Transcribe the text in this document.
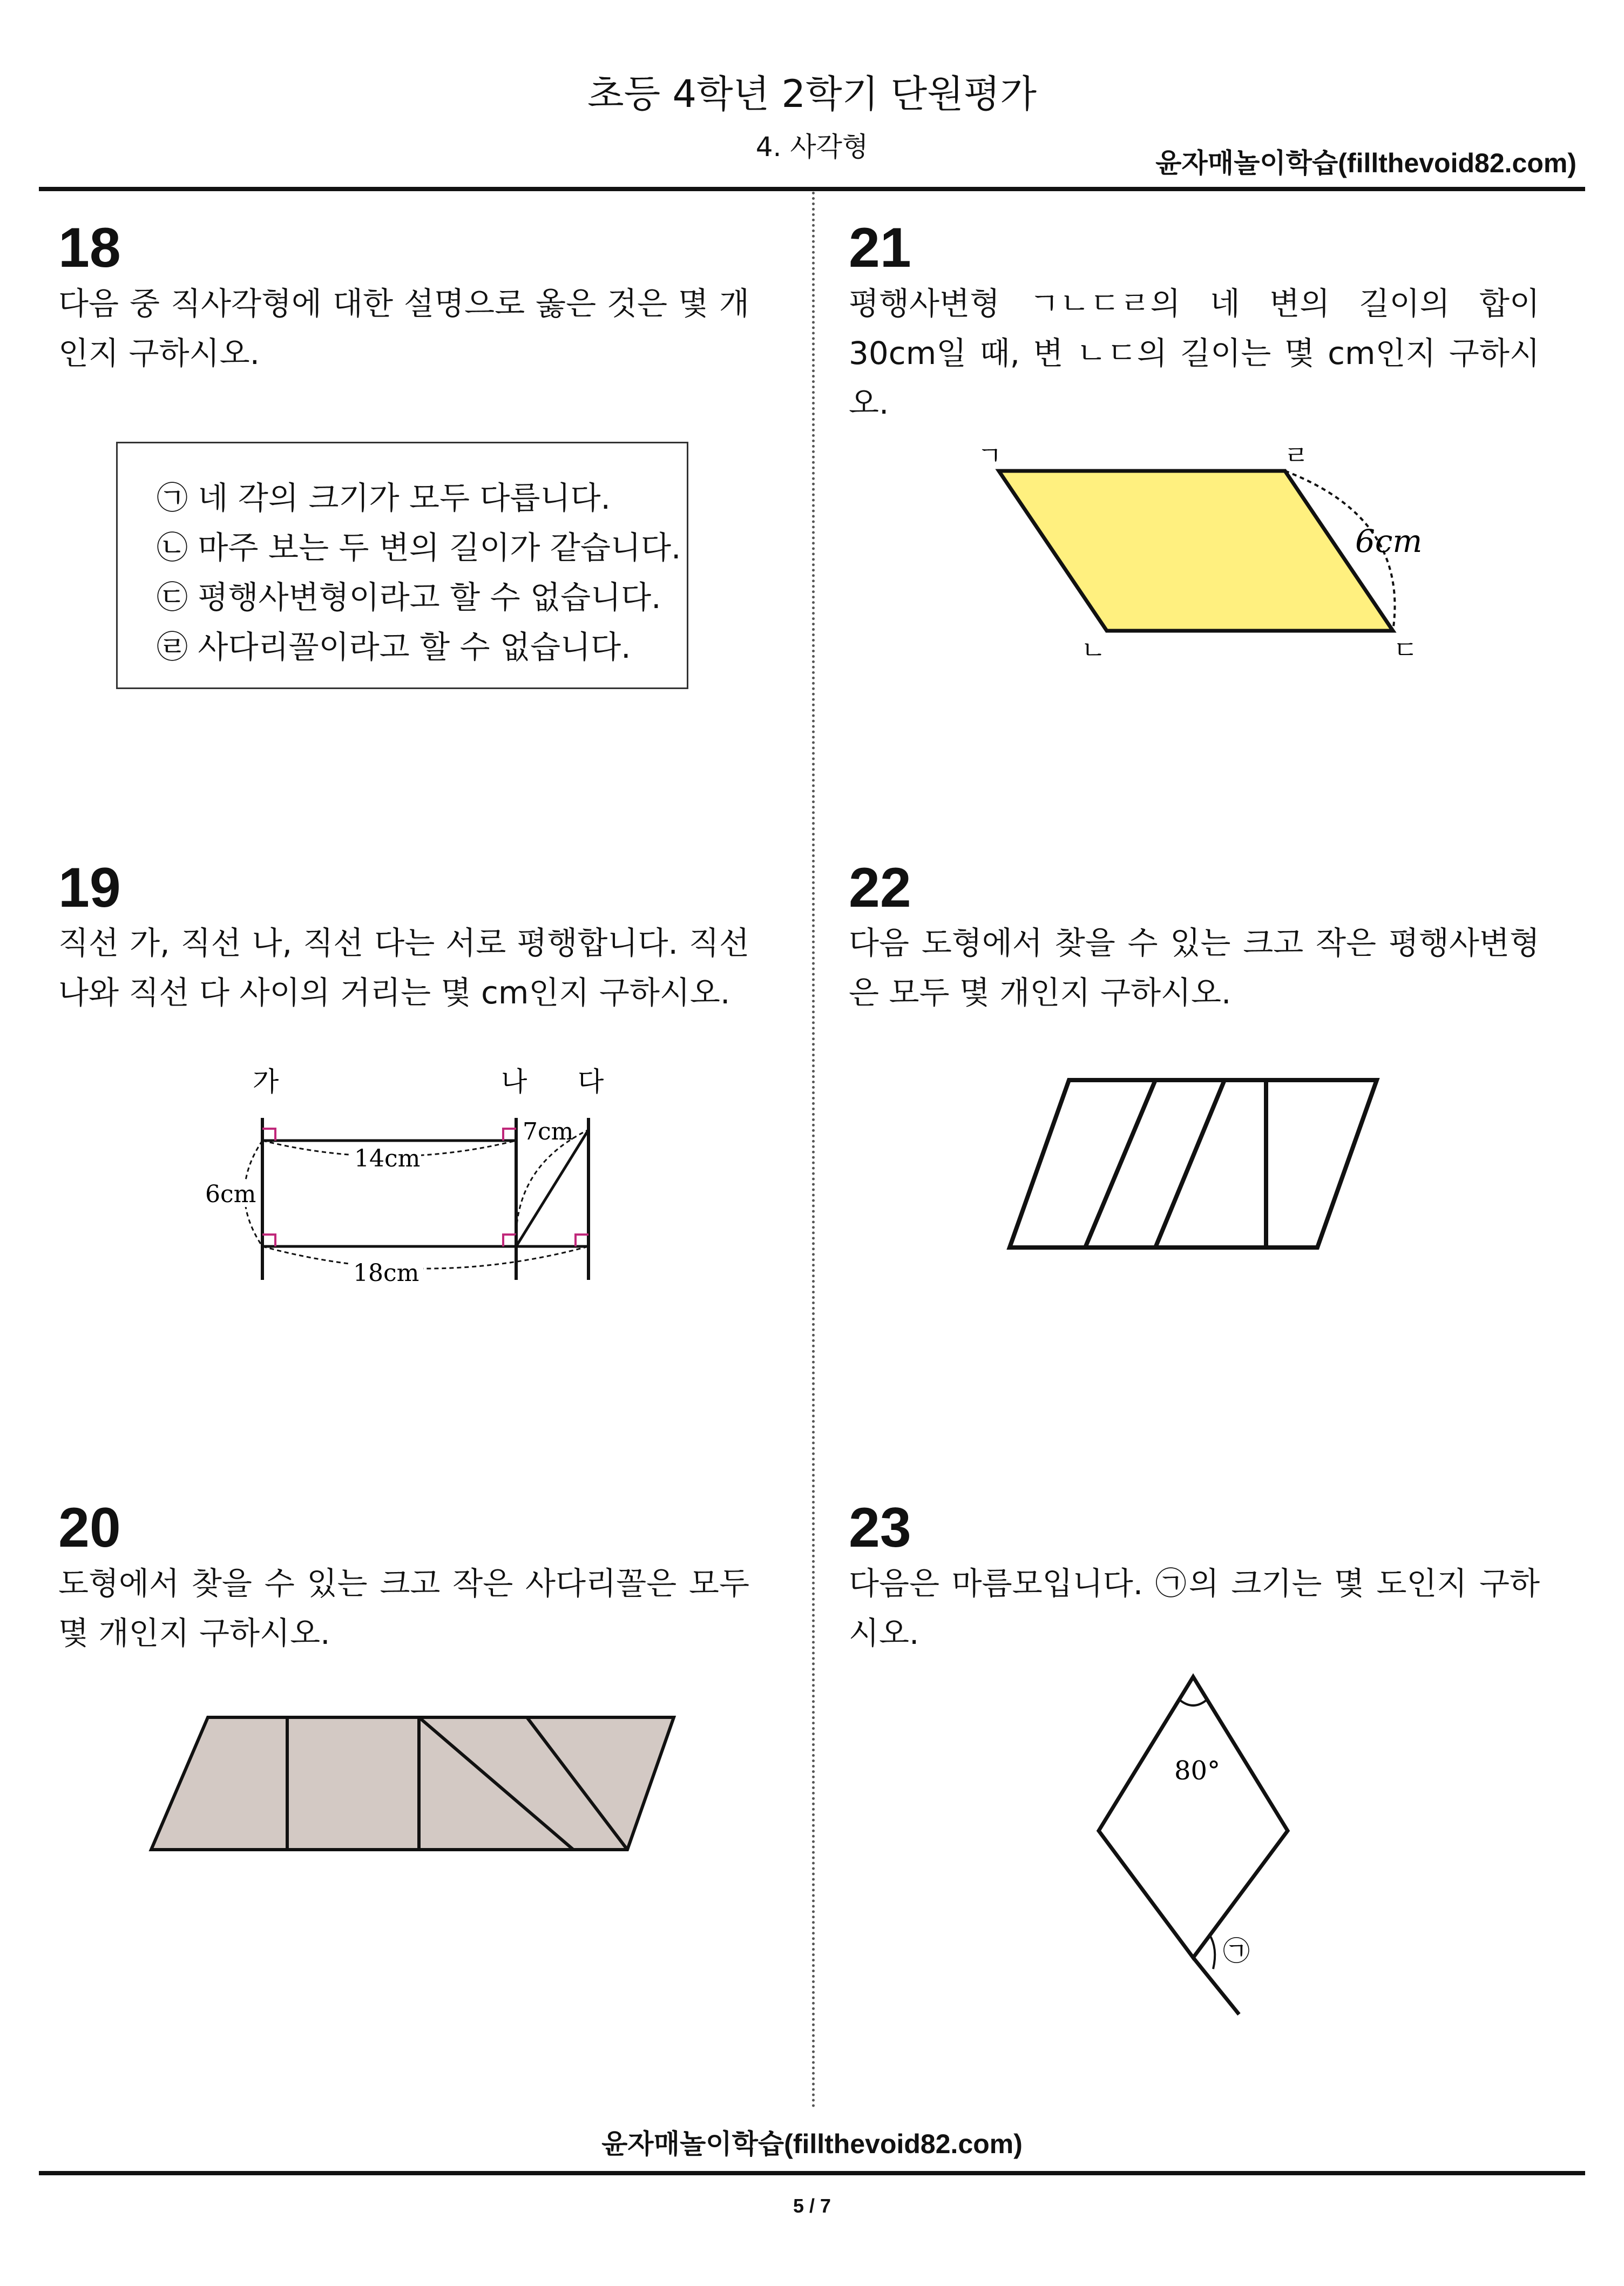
초등 4학년 2학기 단원평가
4. 사각형
윤자매놀이학습(fillthevoid82.com)
18
다음 중 직사각형에 대한 설명으로 옳은 것은 몇 개인지 구하시오.
㉠ 네 각의 크기가 모두 다릅니다.
㉡ 마주 보는 두 변의 길이가 같습니다.
㉢ 평행사변형이라고 할 수 없습니다.
㉣ 사다리꼴이라고 할 수 없습니다.
19
직선 가, 직선 나, 직선 다는 서로 평행합니다. 직선 나와 직선 다 사이의 거리는 몇 cm인지 구하시오.
가	나 다
14cm
7cm
6cm
18cm
20
도형에서 찾을 수 있는 크고 작은 사다리꼴은 모두 몇 개인지 구하시오.
21
평행사변형 ㄱㄴㄷㄹ의 네 변의 길이의 합이 30cm일 때, 변 ㄴㄷ의 길이는 몇 cm인지 구하시오.
ㄱ
ㄴ	ㄷ
ㄹ
6cm
22
다음 도형에서 찾을 수 있는 크고 작은 평행사변형은 모두 몇 개인지 구하시오.
23
다음은 마름모입니다. ㉠의 크기는 몇 도인지 구하시오.
80°
㉠
윤자매놀이학습(fillthevoid82.com)
5 / 7
